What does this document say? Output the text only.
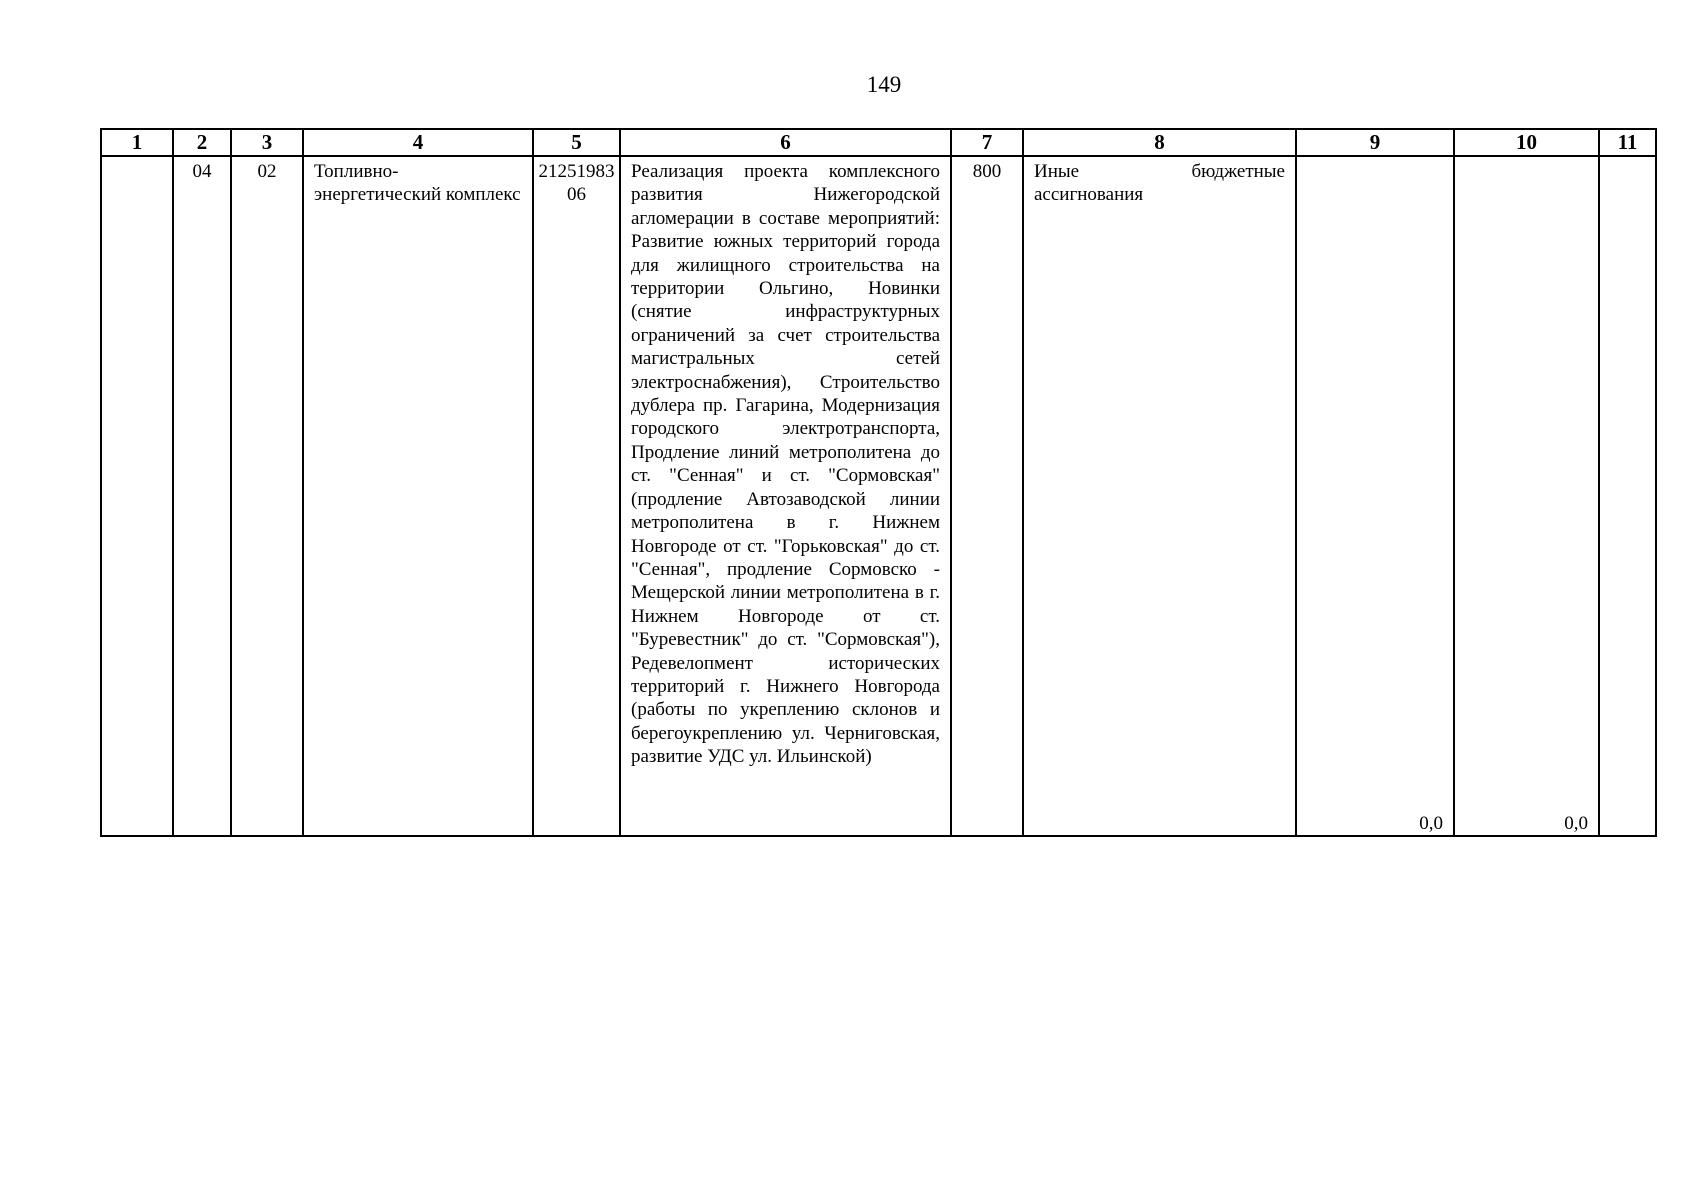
149
1	2	3	4	5	6	7	8	9	10	11
	04	02	Топливно-энергетический комплекс	2125198306	Реализация проекта комплексного развития Нижегородской агломерации в составе мероприятий: Развитие южных территорий города для жилищного строительства на территории Ольгино, Новинки (снятие инфраструктурных ограничений за счет строительства магистральных сетей электроснабжения), Строительство дублера пр. Гагарина, Модернизация городского электротранспорта, Продление линий метрополитена до ст. "Сенная" и ст. "Сормовская" (продление Автозаводской линии метрополитена в г. Нижнем Новгороде от ст. "Горьковская" до ст. "Сенная", продление Сормовско - Мещерской линии метрополитена в г. Нижнем Новгороде от ст. "Буревестник" до ст. "Сормовская"), Редевелопмент исторических территорий г. Нижнего Новгорода (работы по укреплению склонов и берегоукреплению ул. Черниговская, развитие УДС ул. Ильинской)	800	Иные бюджетные ассигнования	0,0	0,0	
